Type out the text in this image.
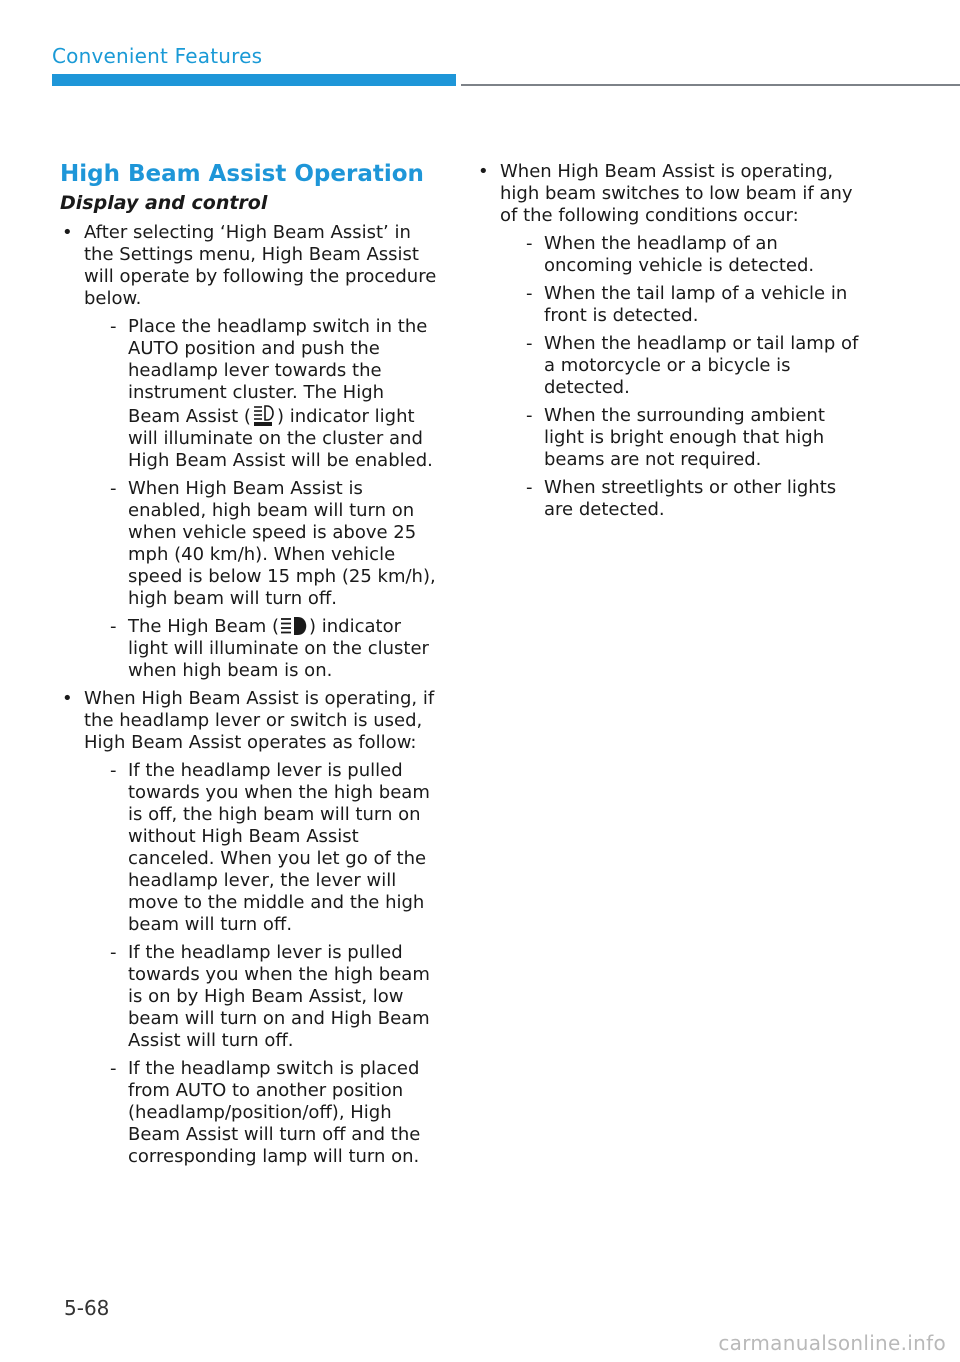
Convenient Features
High Beam Assist Operation
Display and control
• After selecting ‘High Beam Assist’ in the Settings menu, High Beam Assist will operate by following the procedure below.
- Place the headlamp switch in the AUTO position and push the headlamp lever towards the instrument cluster. The High Beam Assist ( ) indicator light will illuminate on the cluster and High Beam Assist will be enabled.
- When High Beam Assist is enabled, high beam will turn on when vehicle speed is above 25 mph (40 km/h). When vehicle speed is below 15 mph (25 km/h), high beam will turn off.
- The High Beam ( ) indicator light will illuminate on the cluster when high beam is on.
• When High Beam Assist is operating, if the headlamp lever or switch is used, High Beam Assist operates as follow:
- If the headlamp lever is pulled towards you when the high beam is off, the high beam will turn on without High Beam Assist canceled. When you let go of the headlamp lever, the lever will move to the middle and the high beam will turn off.
- If the headlamp lever is pulled towards you when the high beam is on by High Beam Assist, low beam will turn on and High Beam Assist will turn off.
- If the headlamp switch is placed from AUTO to another position (headlamp/position/off), High Beam Assist will turn off and the corresponding lamp will turn on.
• When High Beam Assist is operating, high beam switches to low beam if any of the following conditions occur:
- When the headlamp of an oncoming vehicle is detected.
- When the tail lamp of a vehicle in front is detected.
- When the headlamp or tail lamp of a motorcycle or a bicycle is detected.
- When the surrounding ambient light is bright enough that high beams are not required.
- When streetlights or other lights are detected.
5-68
carmanualsonline.info
